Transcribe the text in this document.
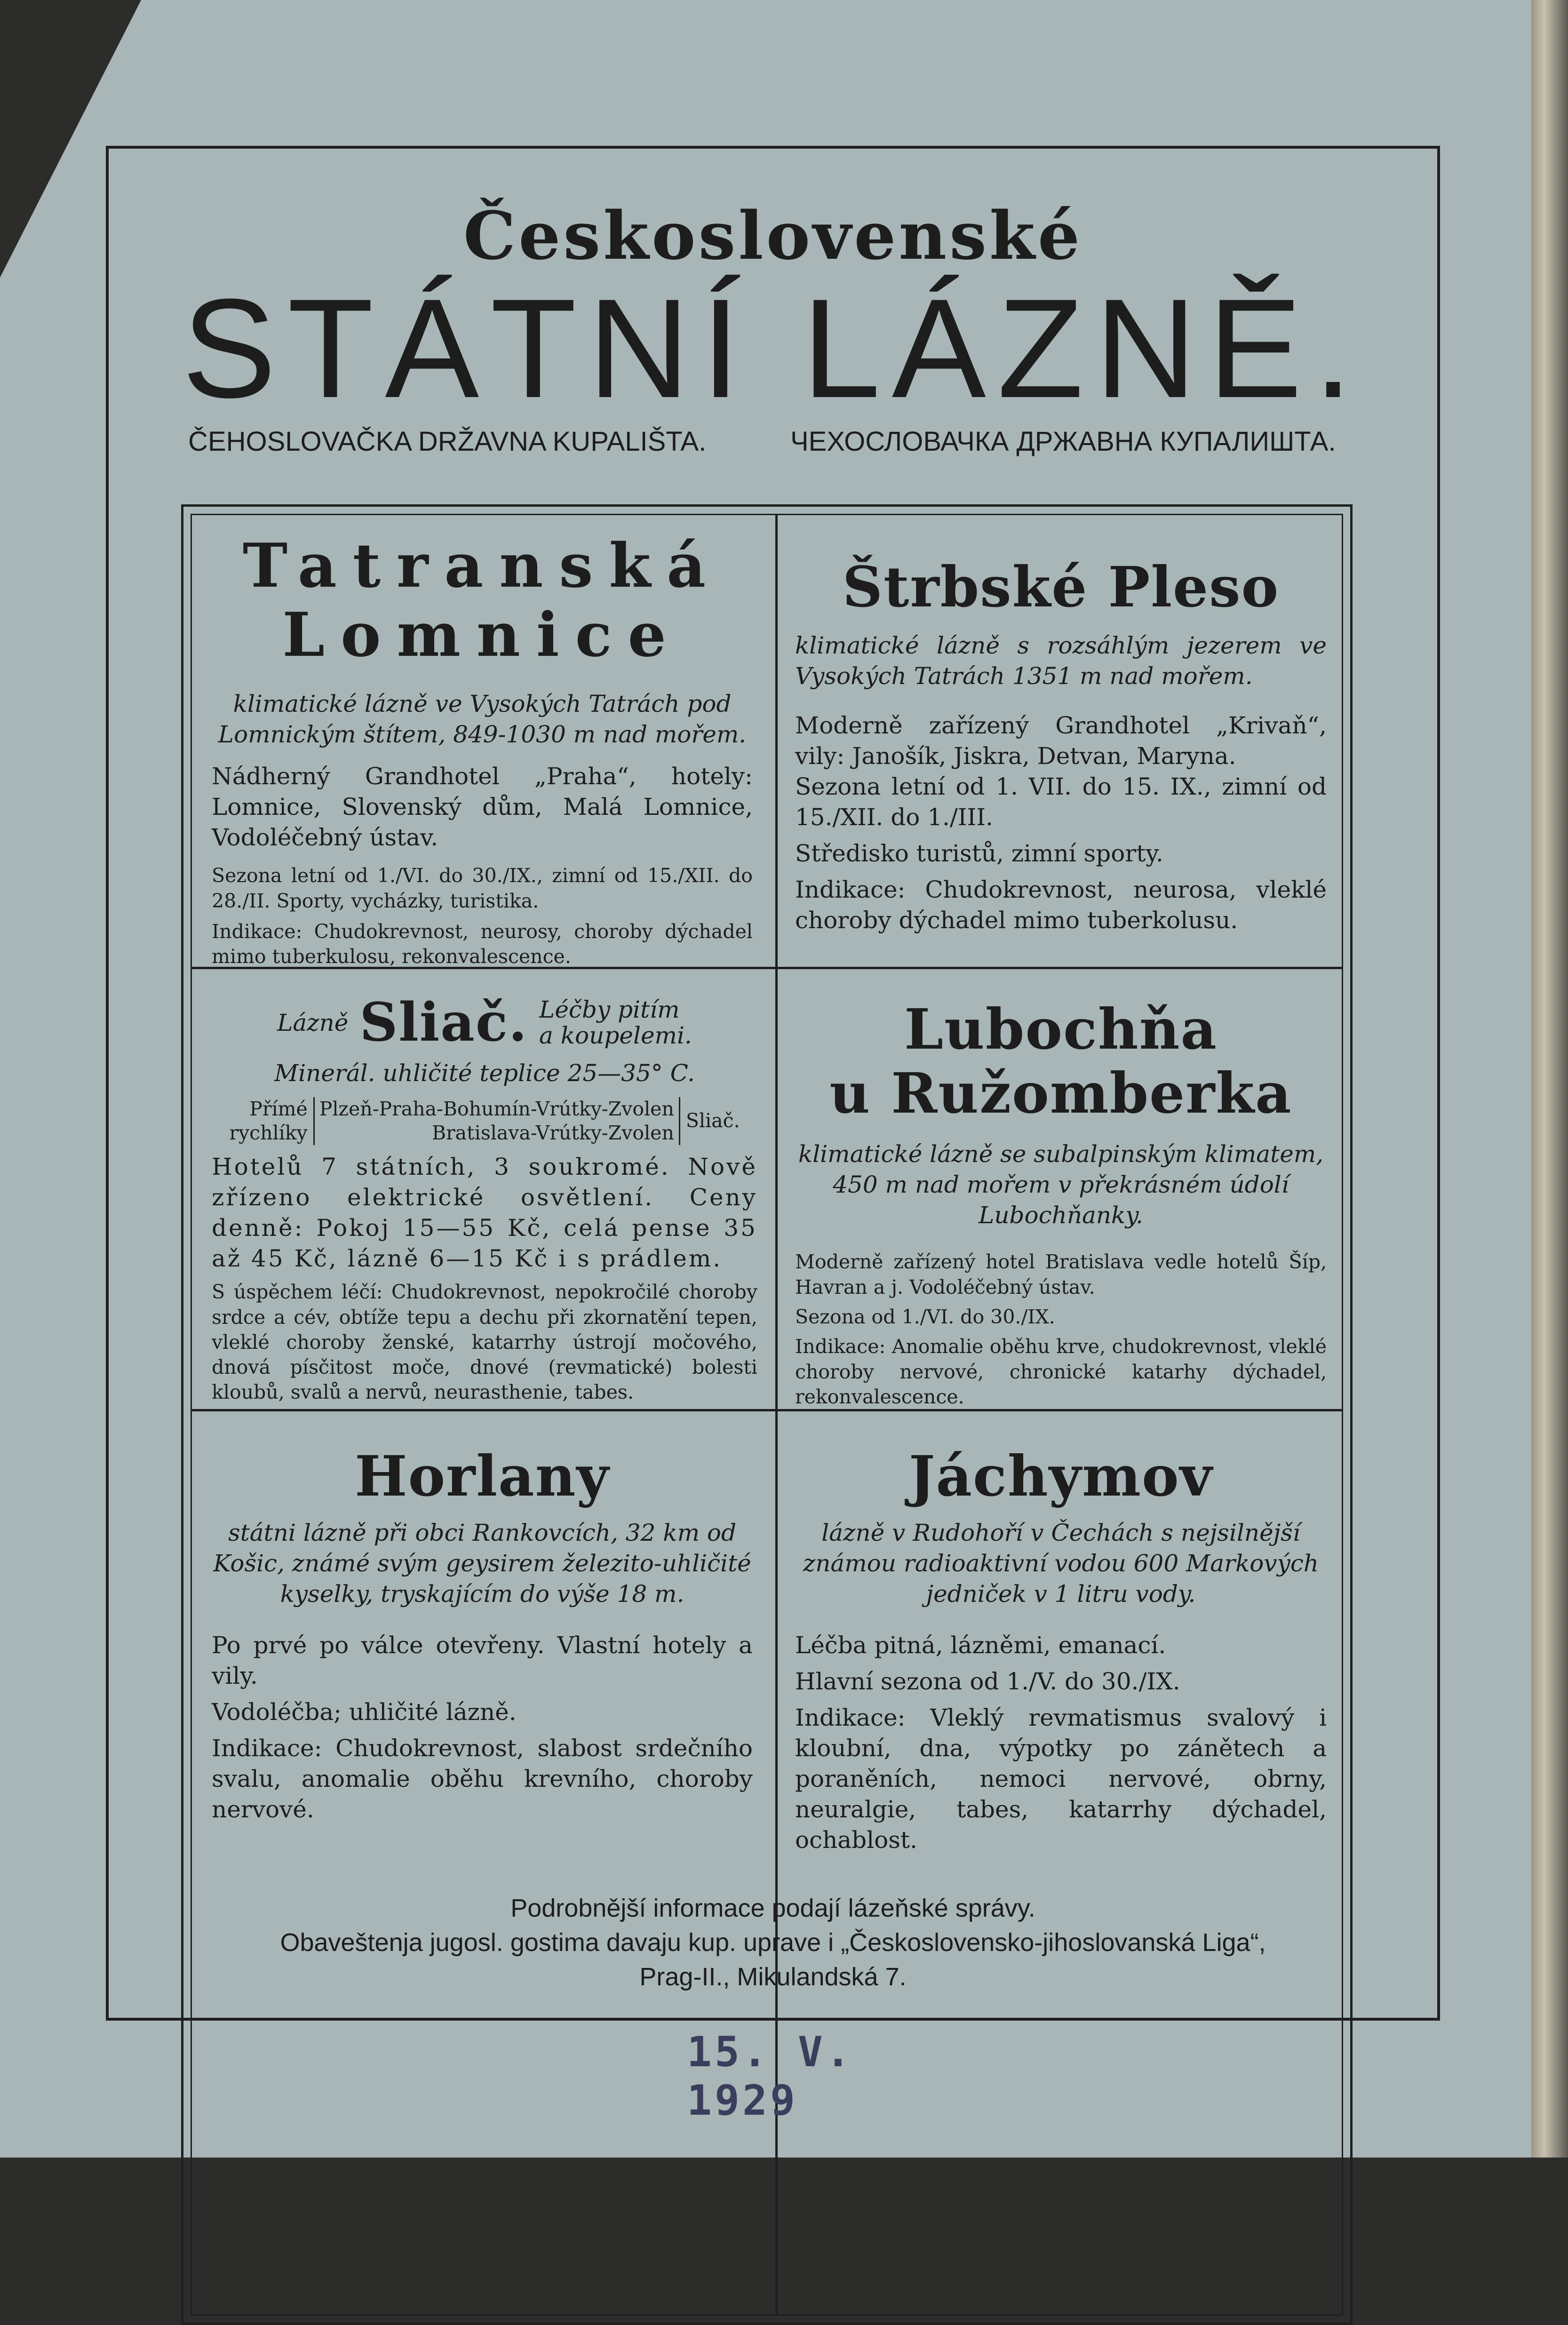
Československé
STÁTNÍ LÁZNĚ.
ČEHOSLOVAČKA DRŽAVNA KUPALIŠTA.	ЧЕХОСЛОВАЧКА ДРЖАВНА КУПАЛИШТА.

Tatranská

Lomnice

klimatické lázně ve Vysokých Tatrách pod Lomnickým štítem, 849-1030 m nad mořem.

Nádherný Grandhotel „Praha“, hotely: Lomnice, Slovenský dům, Malá Lomnice, Vodoléčebný ústav.

Sezona letní od 1./VI. do 30./IX., zimní od 15./XII. do 28./II. Sporty, vycházky, turistika.

Indikace: Chudokrevnost, neurosy, choroby dýchadel mimo tuberkulosu, rekonvalescence.

Štrbské Pleso

klimatické lázně s rozsáhlým jezerem ve Vysokých Tatrách 1351 m nad mořem.

Moderně zařízený Grandhotel „Krivaň“, vily: Janošík, Jiskra, Detvan, Maryna.

Sezona letní od 1. VII. do 15. IX., zimní od 15./XII. do 1./III.

Středisko turistů, zimní sporty.

Indikace: Chudokrevnost, neurosa, vleklé choroby dýchadel mimo tuberkolusu.

Lázně Sliač. Léčby pitím
a koupelemi.

Minerál. uhličité teplice 25—35° C.

Přímé
rychlíky
Plzeň-Praha-Bohumín-Vrútky-Zvolen
Bratislava-Vrútky-Zvolen
Sliač.

Hotelů 7 státních, 3 soukromé. Nově zřízeno elektrické osvětlení. Ceny denně: Pokoj 15—55 Kč, celá pense 35 až 45 Kč, lázně 6—15 Kč i s prádlem.

S úspěchem léčí: Chudokrevnost, nepokročilé choroby srdce a cév, obtíže tepu a dechu při zkornatění tepen, vleklé choroby ženské, katarrhy ústrojí močového, dnová písčitost moče, dnové (revmatické) bolesti kloubů, svalů a nervů, neurasthenie, tabes.

Lubochňa

u Ružomberka

klimatické lázně se subalpinským klimatem, 450 m nad mořem v překrásném údolí Lubochňanky.

Moderně zařízený hotel Bratislava vedle hotelů Šíp, Havran a j. Vodoléčebný ústav.

Sezona od 1./VI. do 30./IX.

Indikace: Anomalie oběhu krve, chudokrevnost, vleklé choroby nervové, chronické katarhy dýchadel, rekonvalescence.

Horlany

státni lázně při obci Rankovcích, 32 km od Košic, známé svým geysirem železito-uhličité kyselky, tryskajícím do výše 18 m.

Po prvé po válce otevřeny. Vlastní hotely a vily.

Vodoléčba; uhličité lázně.

Indikace: Chudokrevnost, slabost srdečního svalu, anomalie oběhu krevního, choroby nervové.

Jáchymov

lázně v Rudohoří v Čechách s nejsilnější známou radioaktivní vodou 600 Markových jedniček v 1 litru vody.

Léčba pitná, lázněmi, emanací.

Hlavní sezona od 1./V. do 30./IX.

Indikace: Vleklý revmatismus svalový i kloubní, dna, výpotky po zánětech a poraněních, nemoci nervové, obrny, neuralgie, tabes, katarrhy dýchadel, ochablost.

Podrobnější informace podají lázeňské správy.
Obaveštenja jugosl. gostima davaju kup. uprave i „Československo-jihoslovanská Liga“,
Prag-II., Mikulandská 7.
15. V. 1929
